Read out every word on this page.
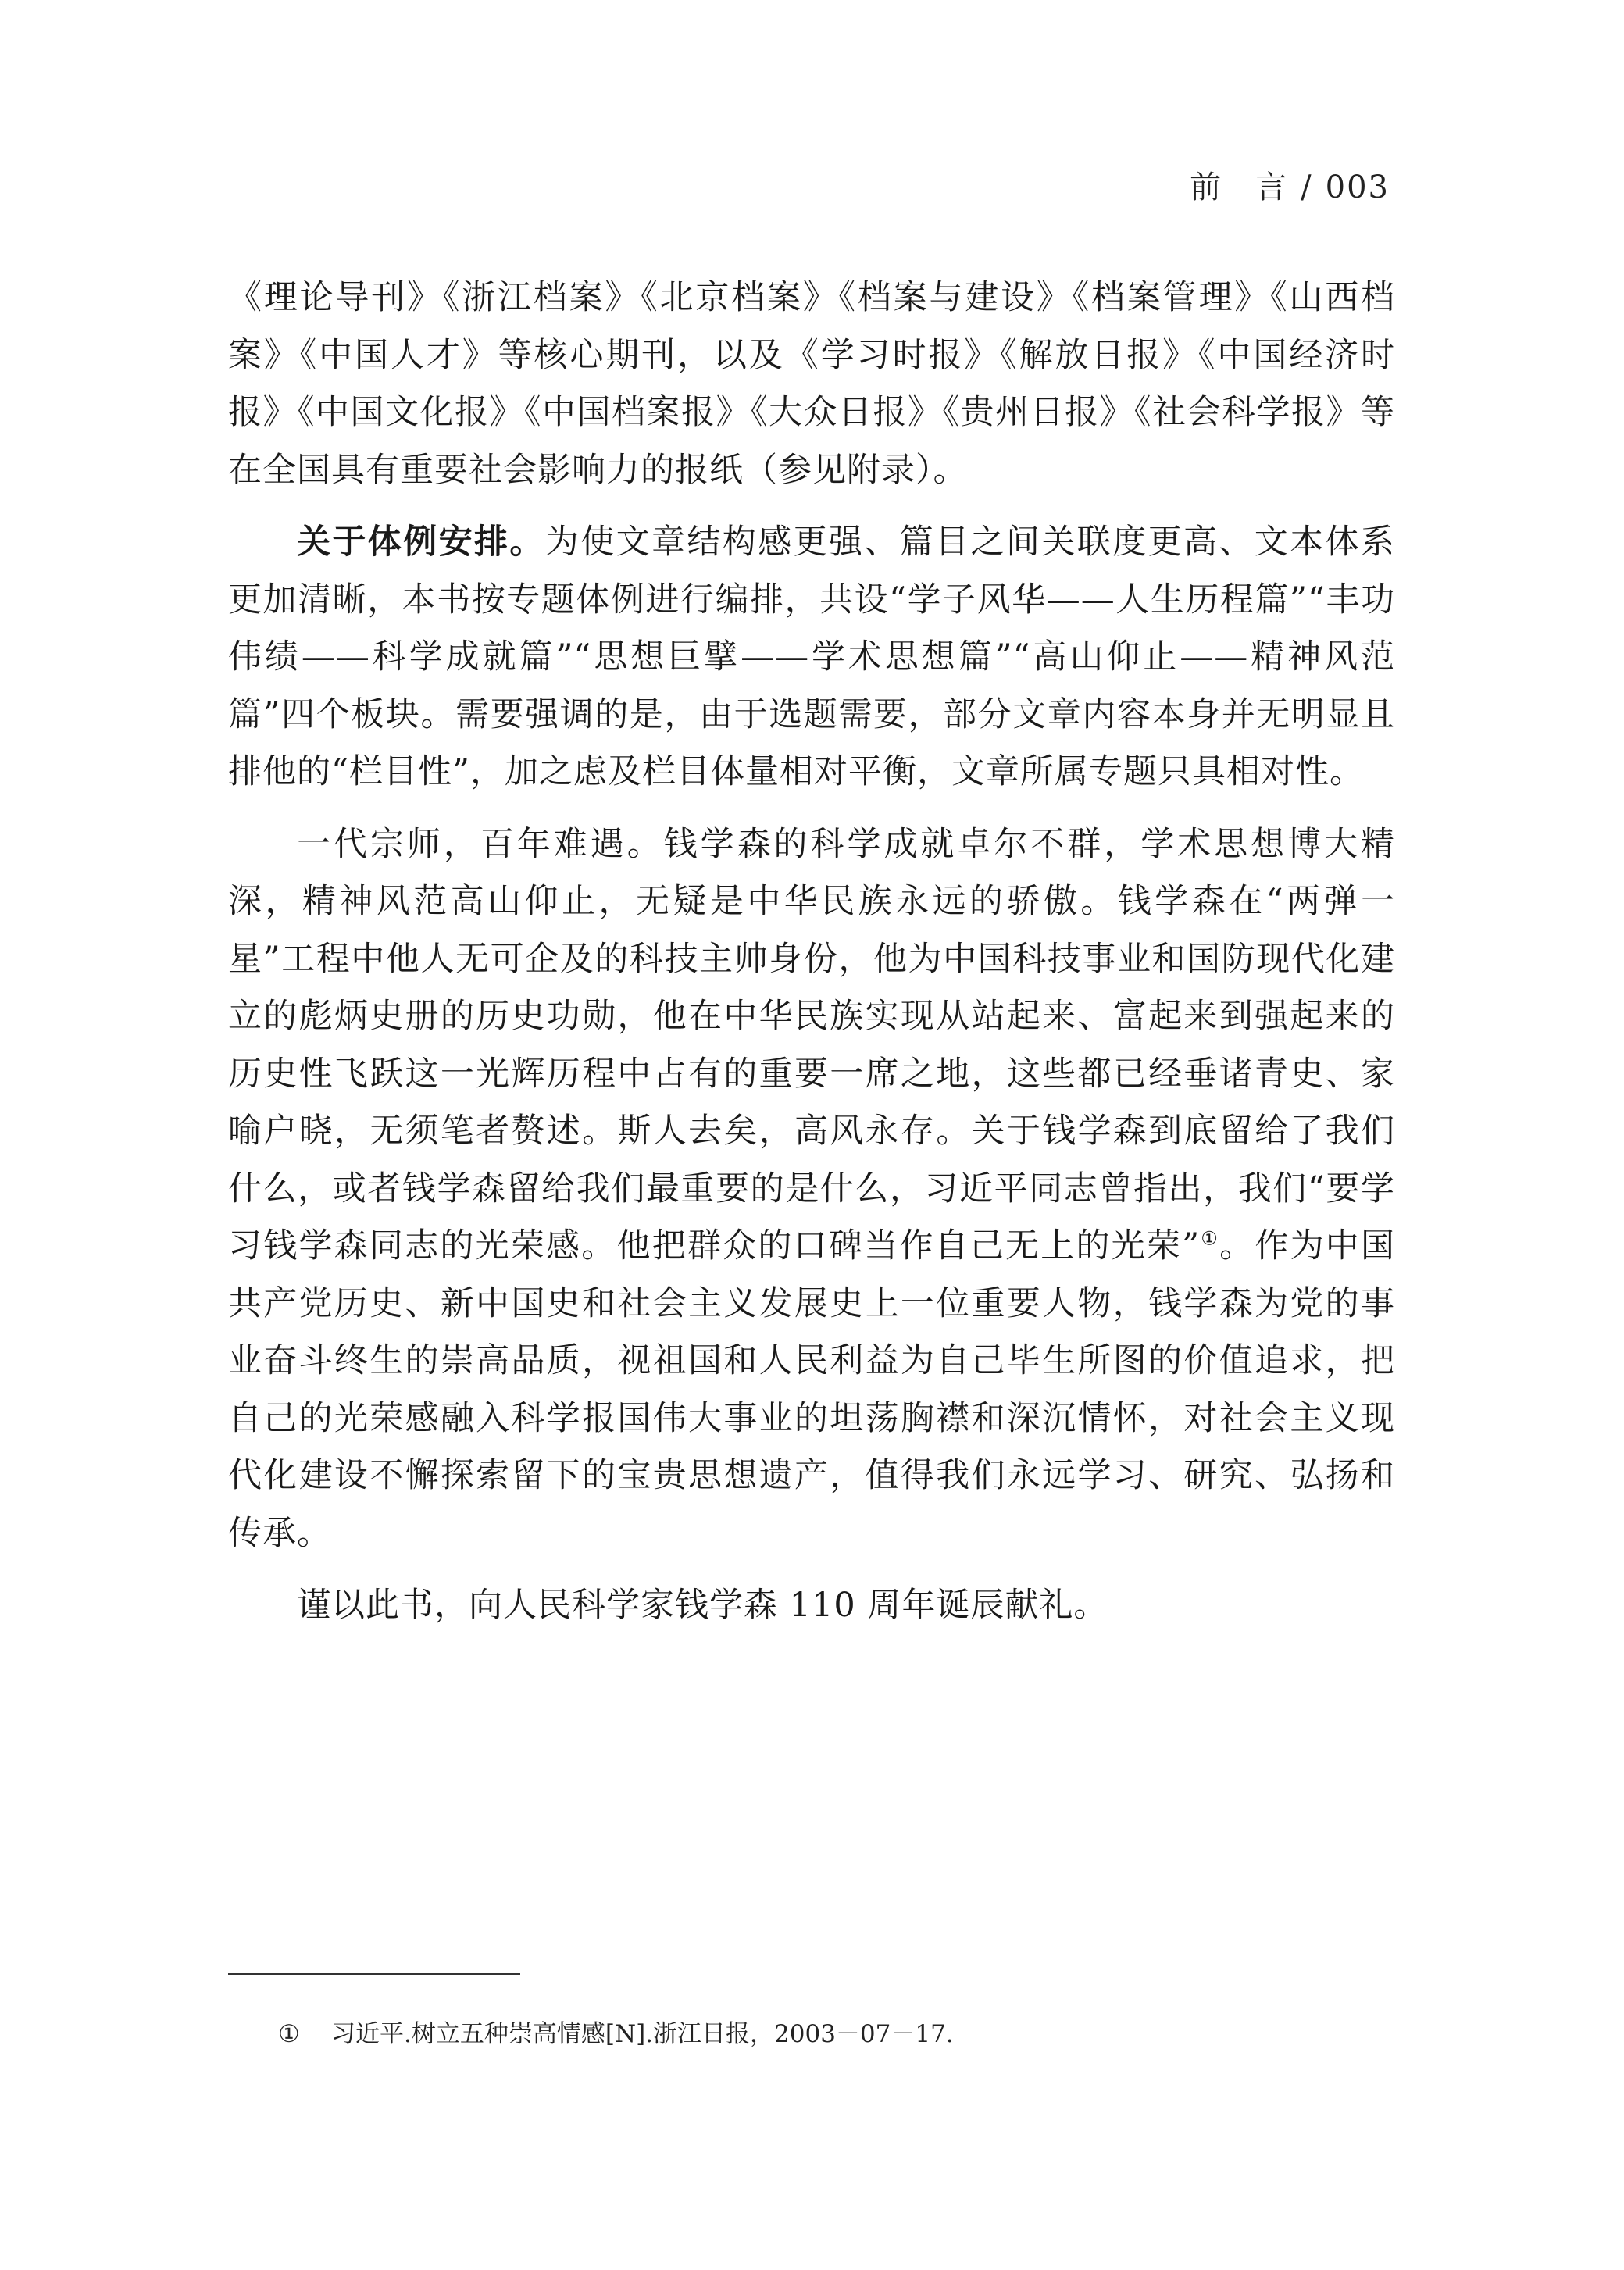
前　言 / 003

《理论导刊》《浙江档案》《北京档案》《档案与建设》《档案管理》《山西档案》《中国人才》等核心期刊，以及《学习时报》《解放日报》《中国经济时报》《中国文化报》《中国档案报》《大众日报》《贵州日报》《社会科学报》等在全国具有重要社会影响力的报纸（参见附录）。

关于体例安排。为使文章结构感更强、篇目之间关联度更高、文本体系更加清晰，本书按专题体例进行编排，共设“学子风华——人生历程篇”“丰功伟绩——科学成就篇”“思想巨擘——学术思想篇”“高山仰止——精神风范篇”四个板块。需要强调的是，由于选题需要，部分文章内容本身并无明显且排他的“栏目性”，加之虑及栏目体量相对平衡，文章所属专题只具相对性。

一代宗师，百年难遇。钱学森的科学成就卓尔不群，学术思想博大精深，精神风范高山仰止，无疑是中华民族永远的骄傲。钱学森在“两弹一星”工程中他人无可企及的科技主帅身份，他为中国科技事业和国防现代化建立的彪炳史册的历史功勋，他在中华民族实现从站起来、富起来到强起来的历史性飞跃这一光辉历程中占有的重要一席之地，这些都已经垂诸青史、家喻户晓，无须笔者赘述。斯人去矣，高风永存。关于钱学森到底留给了我们什么，或者钱学森留给我们最重要的是什么，习近平同志曾指出，我们“要学习钱学森同志的光荣感。他把群众的口碑当作自己无上的光荣”①。作为中国共产党历史、新中国史和社会主义发展史上一位重要人物，钱学森为党的事业奋斗终生的崇高品质，视祖国和人民利益为自己毕生所图的价值追求，把自己的光荣感融入科学报国伟大事业的坦荡胸襟和深沉情怀，对社会主义现代化建设不懈探索留下的宝贵思想遗产，值得我们永远学习、研究、弘扬和传承。

谨以此书，向人民科学家钱学森 110 周年诞辰献礼。

① 习近平.树立五种崇高情感[N].浙江日报，2003－07－17.
